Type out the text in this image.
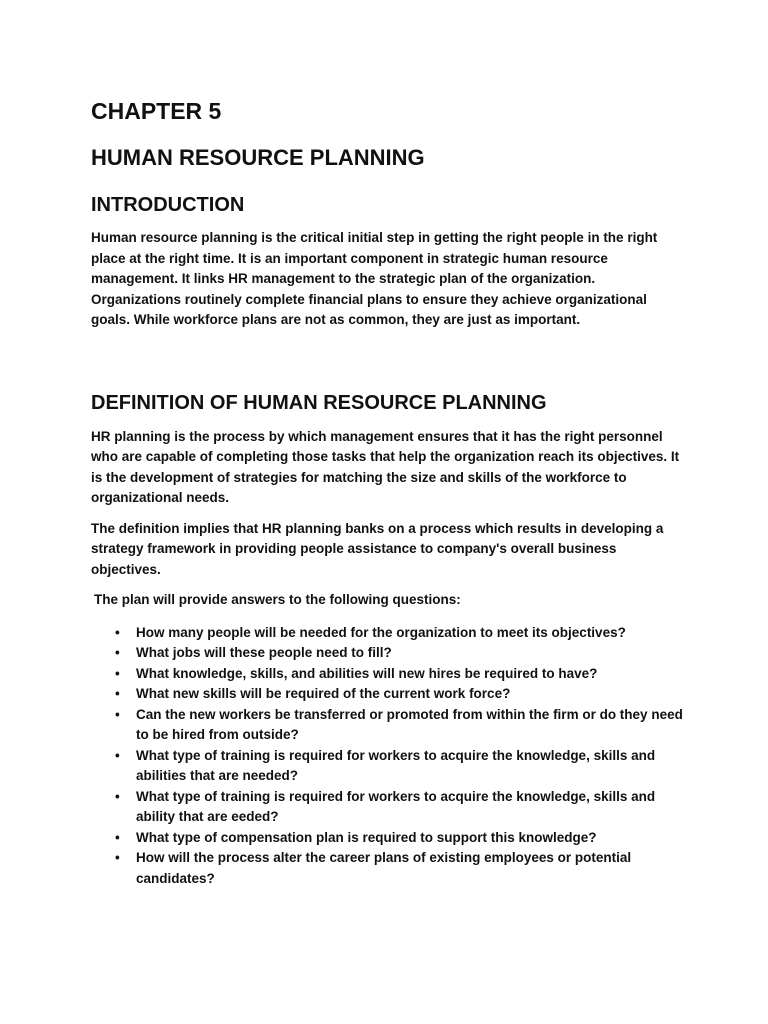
CHAPTER 5
HUMAN RESOURCE PLANNING
INTRODUCTION

Human resource planning is the critical initial step in getting the right people in the right place at the right time. It is an important component in strategic human resource management. It links HR management to the strategic plan of the organization. Organizations routinely complete financial plans to ensure they achieve organizational goals. While workforce plans are not as common, they are just as important.

DEFINITION OF HUMAN RESOURCE PLANNING

HR planning is the process by which management ensures that it has the right personnel who are capable of completing those tasks that help the organization reach its objectives. It is the development of strategies for matching the size and skills of the workforce to organizational needs.

The definition implies that HR planning banks on a process which results in developing a strategy framework in providing people assistance to company's overall business objectives.

The plan will provide answers to the following questions:

• How many people will be needed for the organization to meet its objectives?
• What jobs will these people need to fill?
• What knowledge, skills, and abilities will new hires be required to have?
• What new skills will be required of the current work force?
• Can the new workers be transferred or promoted from within the firm or do they need to be hired from outside?
• What type of training is required for workers to acquire the knowledge, skills and abilities that are needed?
• What type of training is required for workers to acquire the knowledge, skills and ability that are eeded?
• What type of compensation plan is required to support this knowledge?
• How will the process alter the career plans of existing employees or potential candidates?
